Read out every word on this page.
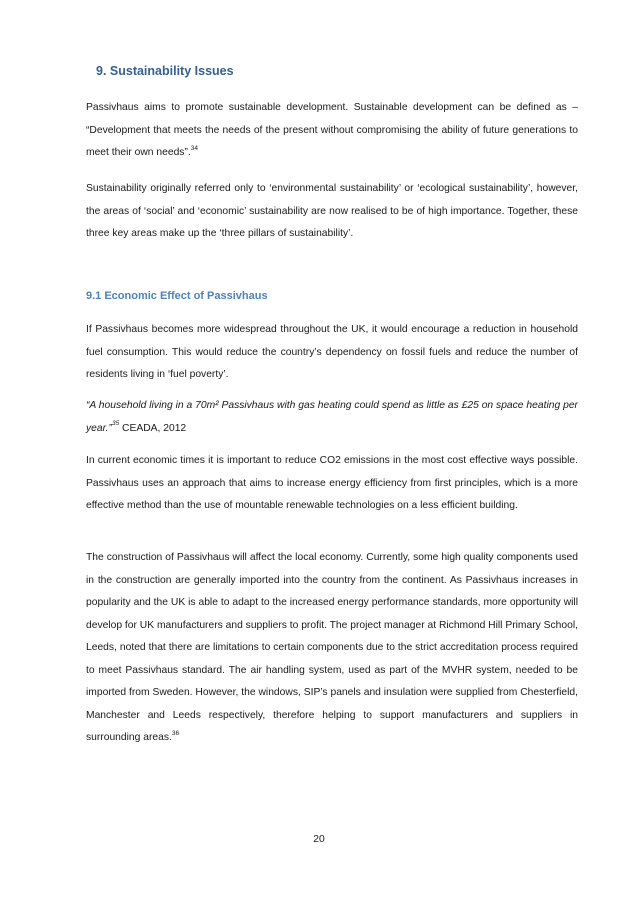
9. Sustainability Issues

Passivhaus aims to promote sustainable development. Sustainable development can be defined as – “Development that meets the needs of the present without compromising the ability of future generations to meet their own needs”.$^{34}$

Sustainability originally referred only to ‘environmental sustainability’ or ‘ecological sustainability’, however, the areas of ‘social’ and ‘economic’ sustainability are now realised to be of high importance. Together, these three key areas make up the ‘three pillars of sustainability’.

9.1 Economic Effect of Passivhaus

If Passivhaus becomes more widespread throughout the UK, it would encourage a reduction in household fuel consumption. This would reduce the country’s dependency on fossil fuels and reduce the number of residents living in ‘fuel poverty’.

“A household living in a 70m² Passivhaus with gas heating could spend as little as £25 on space heating per year.”$^{35}$ CEADA, 2012

In current economic times it is important to reduce CO2 emissions in the most cost effective ways possible. Passivhaus uses an approach that aims to increase energy efficiency from first principles, which is a more effective method than the use of mountable renewable technologies on a less efficient building.

The construction of Passivhaus will affect the local economy. Currently, some high quality components used in the construction are generally imported into the country from the continent. As Passivhaus increases in popularity and the UK is able to adapt to the increased energy performance standards, more opportunity will develop for UK manufacturers and suppliers to profit. The project manager at Richmond Hill Primary School, Leeds, noted that there are limitations to certain components due to the strict accreditation process required to meet Passivhaus standard. The air handling system, used as part of the MVHR system, needed to be imported from Sweden. However, the windows, SIP’s panels and insulation were supplied from Chesterfield, Manchester and Leeds respectively, therefore helping to support manufacturers and suppliers in surrounding areas.$^{36}$

20
